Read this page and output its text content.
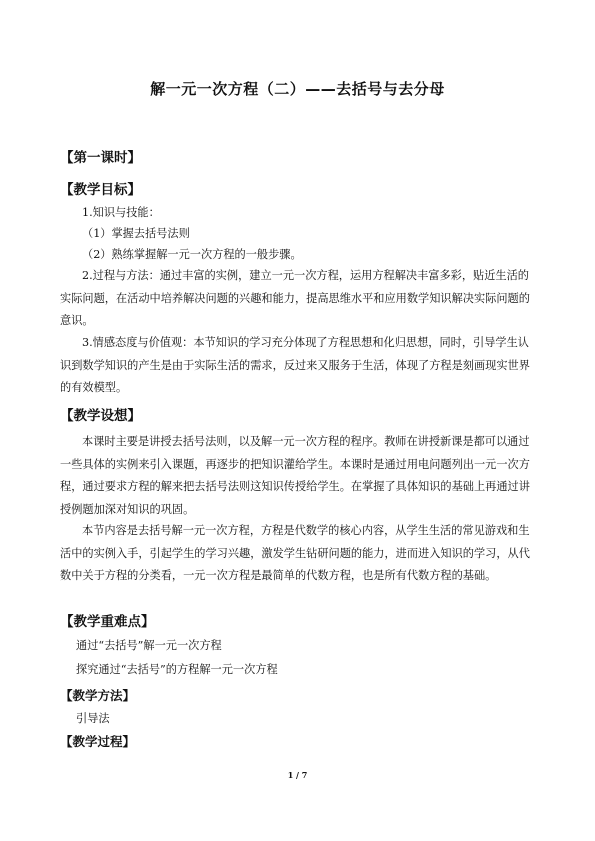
解一元一次方程（二）——去括号与去分母
【第一课时】
【教学目标】
1.知识与技能：
（1）掌握去括号法则
（2）熟练掌握解一元一次方程的一般步骤。

2.过程与方法：通过丰富的实例，建立一元一次方程，运用方程解决丰富多彩，贴近生活的实际问题，在活动中培养解决问题的兴趣和能力，提高思维水平和应用数学知识解决实际问题的意识。

3.情感态度与价值观：本节知识的学习充分体现了方程思想和化归思想，同时，引导学生认识到数学知识的产生是由于实际生活的需求，反过来又服务于生活，体现了方程是刻画现实世界的有效模型。

【教学设想】

本课时主要是讲授去括号法则，以及解一元一次方程的程序。教师在讲授新课是都可以通过一些具体的实例来引入课题，再逐步的把知识灌给学生。本课时是通过用电问题列出一元一次方程，通过要求方程的解来把去括号法则这知识传授给学生。在掌握了具体知识的基础上再通过讲授例题加深对知识的巩固。

本节内容是去括号解一元一次方程，方程是代数学的核心内容，从学生生活的常见游戏和生活中的实例入手，引起学生的学习兴趣，激发学生钻研问题的能力，进而进入知识的学习，从代数中关于方程的分类看，一元一次方程是最简单的代数方程，也是所有代数方程的基础。

【教学重难点】
通过“去括号”解一元一次方程
探究通过“去括号”的方程解一元一次方程
【教学方法】
引导法
【教学过程】
1 / 7
